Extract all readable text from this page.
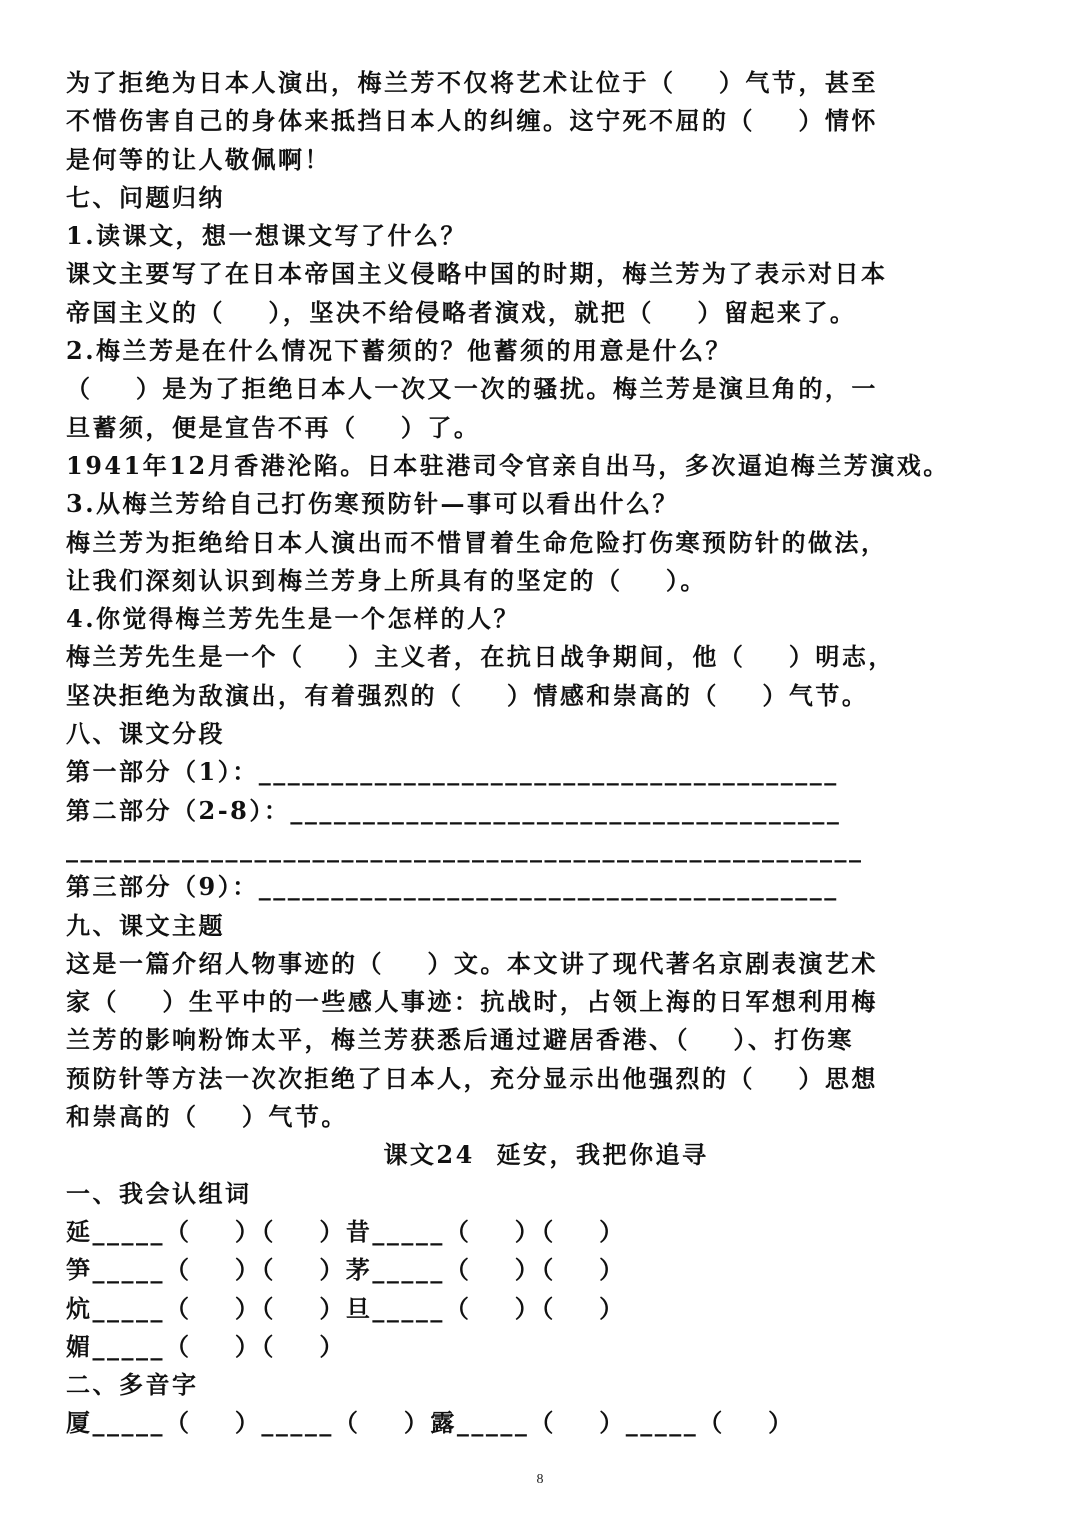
为了拒绝为日本人演出，梅兰芳不仅将艺术让位于（    ）气节，甚至
不惜伤害自己的身体来抵挡日本人的纠缠。这宁死不屈的（    ）情怀
是何等的让人敬佩啊！
七、问题归纳
1.读课文，想一想课文写了什么？
课文主要写了在日本帝国主义侵略中国的时期，梅兰芳为了表示对日本
帝国主义的（    ），坚决不给侵略者演戏，就把（    ）留起来了。
2.梅兰芳是在什么情况下蓄须的？他蓄须的用意是什么？
（    ）是为了拒绝日本人一次又一次的骚扰。梅兰芳是演旦角的，一
旦蓄须，便是宣告不再（    ）了。
1941年12月香港沦陷。日本驻港司令官亲自出马，多次逼迫梅兰芳演戏。
3.从梅兰芳给自己打伤寒预防针—事可以看出什么？
梅兰芳为拒绝给日本人演出而不惜冒着生命危险打伤寒预防针的做法，
让我们深刻认识到梅兰芳身上所具有的坚定的（    ）。
4.你觉得梅兰芳先生是一个怎样的人？
梅兰芳先生是一个（    ）主义者，在抗日战争期间，他（    ）明志，
坚决拒绝为敌演出，有着强烈的（    ）情感和崇高的（    ）气节。
八、课文分段
第一部分（1）：________________________________________
第二部分（2-8）：______________________________________
_______________________________________________________
第三部分（9）：________________________________________
九、课文主题
这是一篇介绍人物事迹的（    ）文。本文讲了现代著名京剧表演艺术
家（    ）生平中的一些感人事迹：抗战时，占领上海的日军想利用梅
兰芳的影响粉饰太平，梅兰芳获悉后通过避居香港、（    ）、打伤寒
预防针等方法一次次拒绝了日本人，充分显示出他强烈的（    ）思想
和崇高的（    ）气节。
课文24  延安，我把你追寻
一、我会认组词
延_____（    ）（    ）昔_____（    ）（    ）
笋_____（    ）（    ）茅_____（    ）（    ）
炕_____（    ）（    ）旦_____（    ）（    ）
媚_____（    ）（    ）
二、多音字
厦_____（    ）_____（    ）露_____（    ）_____（    ）
8
